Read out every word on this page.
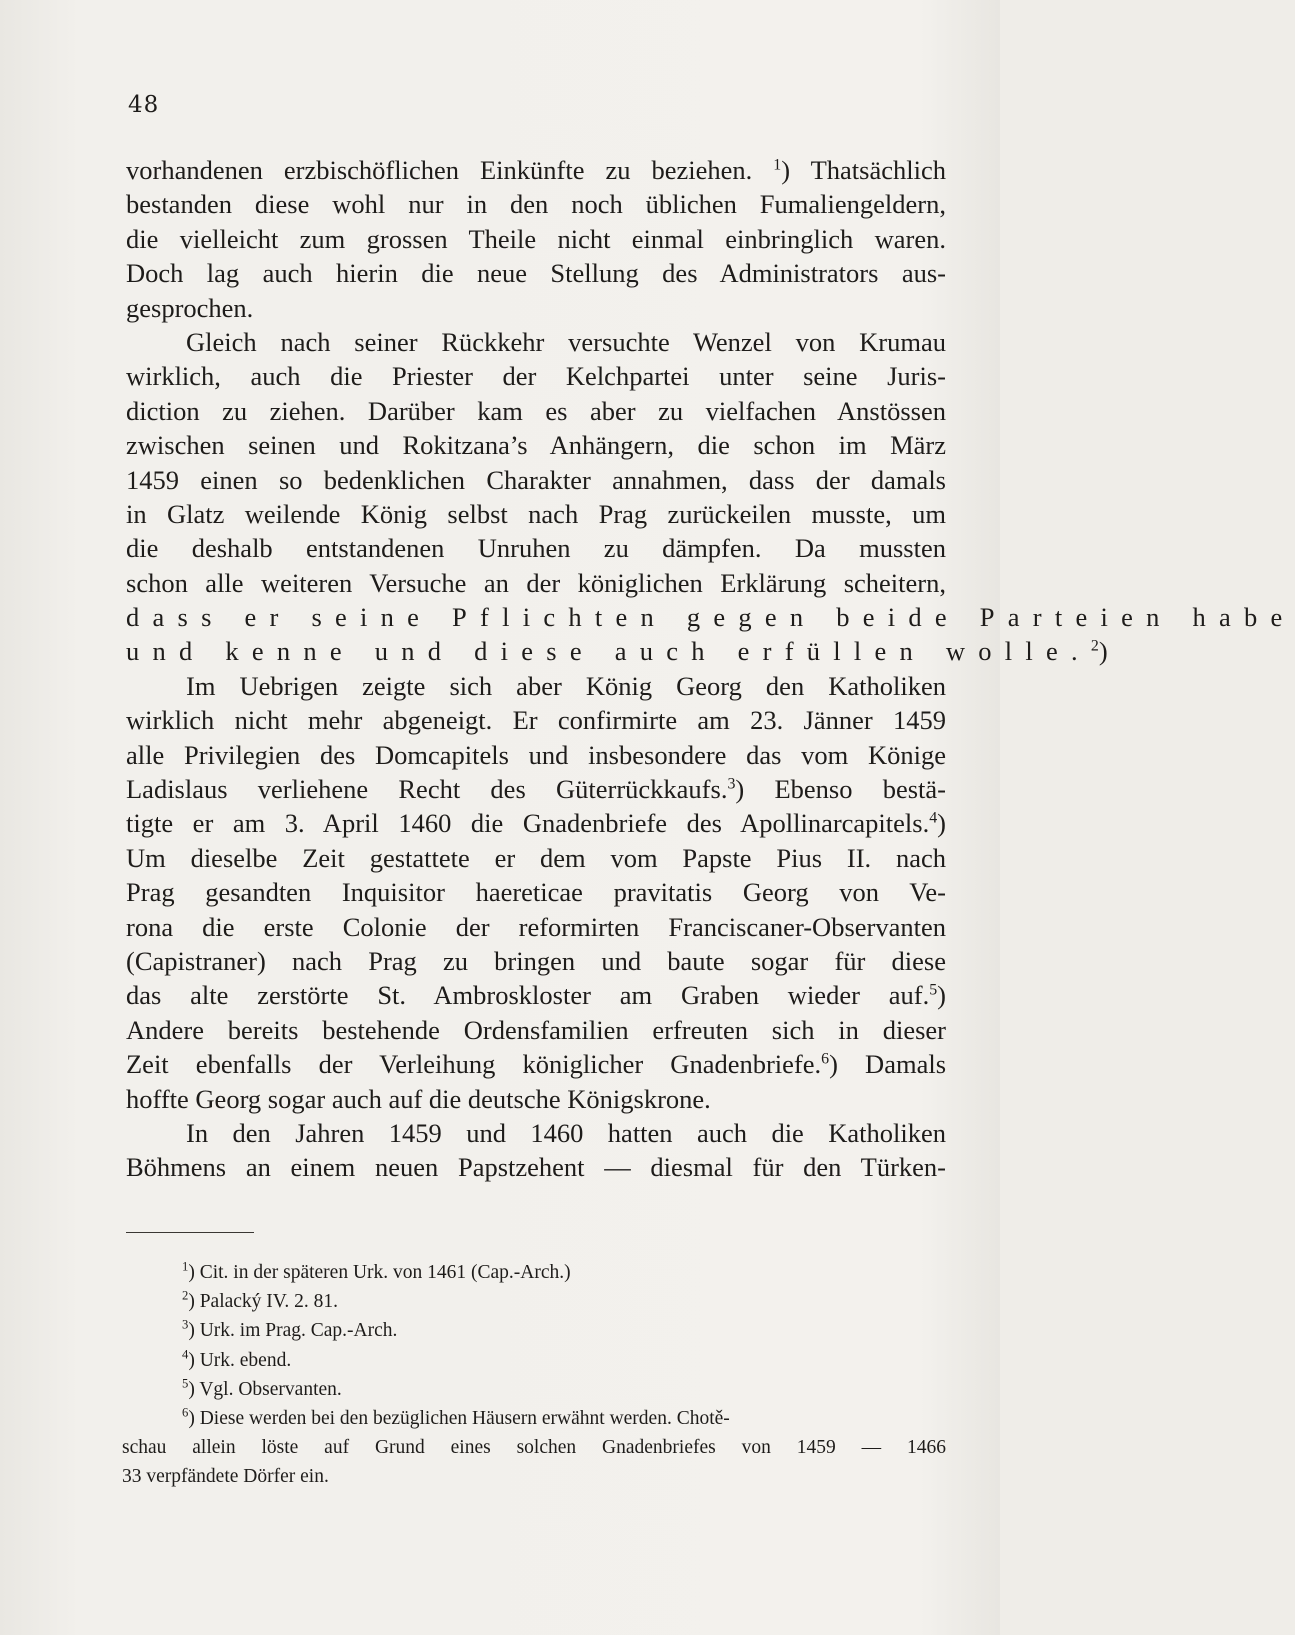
48
vorhandenen erzbischöflichen Einkünfte zu beziehen. $^1$) Thatsächlich
bestanden diese wohl nur in den noch üblichen Fumaliengeldern,
die vielleicht zum grossen Theile nicht einmal einbringlich waren.
Doch lag auch hierin die neue Stellung des Administrators aus-
gesprochen.
Gleich nach seiner Rückkehr versuchte Wenzel von Krumau
wirklich, auch die Priester der Kelchpartei unter seine Juris-
diction zu ziehen. Darüber kam es aber zu vielfachen Anstössen
zwischen seinen und Rokitzana’s Anhängern, die schon im März
1459 einen so bedenklichen Charakter annahmen, dass der damals
in Glatz weilende König selbst nach Prag zurückeilen musste, um
die deshalb entstandenen Unruhen zu dämpfen. Da mussten
schon alle weiteren Versuche an der königlichen Erklärung scheitern,
dass er seine Pflichten gegen beide Parteien habe
und kenne und diese auch erfüllen wolle.$^2$)
Im Uebrigen zeigte sich aber König Georg den Katholiken
wirklich nicht mehr abgeneigt. Er confirmirte am 23. Jänner 1459
alle Privilegien des Domcapitels und insbesondere das vom Könige
Ladislaus verliehene Recht des Güterrückkaufs.$^3$) Ebenso bestä-
tigte er am 3. April 1460 die Gnadenbriefe des Apollinarcapitels.$^4$)
Um dieselbe Zeit gestattete er dem vom Papste Pius II. nach
Prag gesandten Inquisitor haereticae pravitatis Georg von Ve-
rona die erste Colonie der reformirten Franciscaner-Observanten
(Capistraner) nach Prag zu bringen und baute sogar für diese
das alte zerstörte St. Ambroskloster am Graben wieder auf.$^5$)
Andere bereits bestehende Ordensfamilien erfreuten sich in dieser
Zeit ebenfalls der Verleihung königlicher Gnadenbriefe.$^6$) Damals
hoffte Georg sogar auch auf die deutsche Königskrone.
In den Jahren 1459 und 1460 hatten auch die Katholiken
Böhmens an einem neuen Papstzehent — diesmal für den Türken-
$^1$) Cit. in der späteren Urk. von 1461 (Cap.-Arch.)
$^2$) Palacký IV. 2. 81.
$^3$) Urk. im Prag. Cap.-Arch.
$^4$) Urk. ebend.
$^5$) Vgl. Observanten.
$^6$) Diese werden bei den bezüglichen Häusern erwähnt werden. Chotě-
schau allein löste auf Grund eines solchen Gnadenbriefes von 1459 — 1466
33 verpfändete Dörfer ein.
